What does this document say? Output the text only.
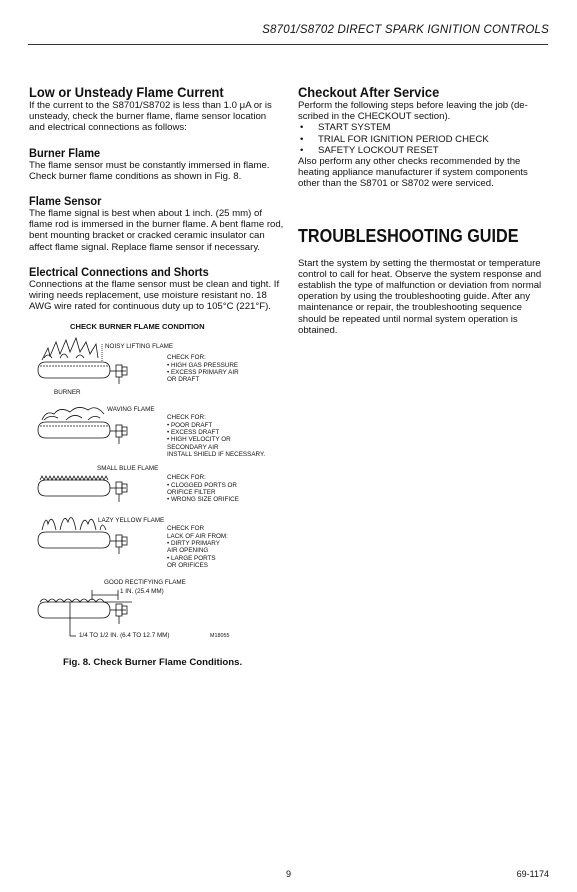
S8701/S8702 DIRECT SPARK IGNITION CONTROLS
Low or Unsteady Flame Current

If the current to the S8701/S8702 is less than 1.0 μA or is unsteady, check the burner flame, flame sensor location and electrical connections as follows:

Burner Flame

The flame sensor must be constantly immersed in flame. Check burner flame conditions as shown in Fig. 8.

Flame Sensor

The flame signal is best when about 1 inch. (25 mm) of flame rod is immersed in the burner flame. A bent flame rod, bent mounting bracket or cracked ceramic insulator can affect flame signal. Replace flame sensor if necessary.

Electrical Connections and Shorts

Connections at the flame sensor must be clean and tight. If wiring needs replacement, use moisture resistant no. 18 AWG wire rated for continuous duty up to 105°C (221°F).

CHECK BURNER FLAME CONDITION
NOISY LIFTING FLAME
CHECK FOR:
• HIGH GAS PRESSURE
• EXCESS PRIMARY AIR
OR DRAFT
BURNER
WAVING FLAME
CHECK FOR:
• POOR DRAFT
• EXCESS DRAFT
• HIGH VELOCITY OR
SECONDARY AIR
INSTALL SHIELD IF NECESSARY.
SMALL BLUE FLAME
CHECK FOR:
• CLOGGED PORTS OR
ORIFICE FILTER
• WRONG SIZE ORIFICE
LAZY YELLOW FLAME
CHECK FOR
LACK OF AIR FROM:
• DIRTY PRIMARY
AIR OPENING
• LARGE PORTS
OR ORIFICES
GOOD RECTIFYING FLAME
1 IN. (25.4 MM)
1/4 TO 1/2 IN. (6.4 TO 12.7 MM)	M18055
Fig. 8. Check Burner Flame Conditions.
Checkout After Service

Perform the following steps before leaving the job (de-scribed in the CHECKOUT section).

• START SYSTEM
• TRIAL FOR IGNITION PERIOD CHECK
• SAFETY LOCKOUT RESET

Also perform any other checks recommended by the heating appliance manufacturer if system components other than the S8701 or S8702 were serviced.

TROUBLESHOOTING GUIDE

Start the system by setting the thermostat or temperature control to call for heat. Observe the system response and establish the type of malfunction or deviation from normal operation by using the troubleshooting guide. After any maintenance or repair, the troubleshooting sequence should be repeated until normal system operation is obtained.

9	69-1174
